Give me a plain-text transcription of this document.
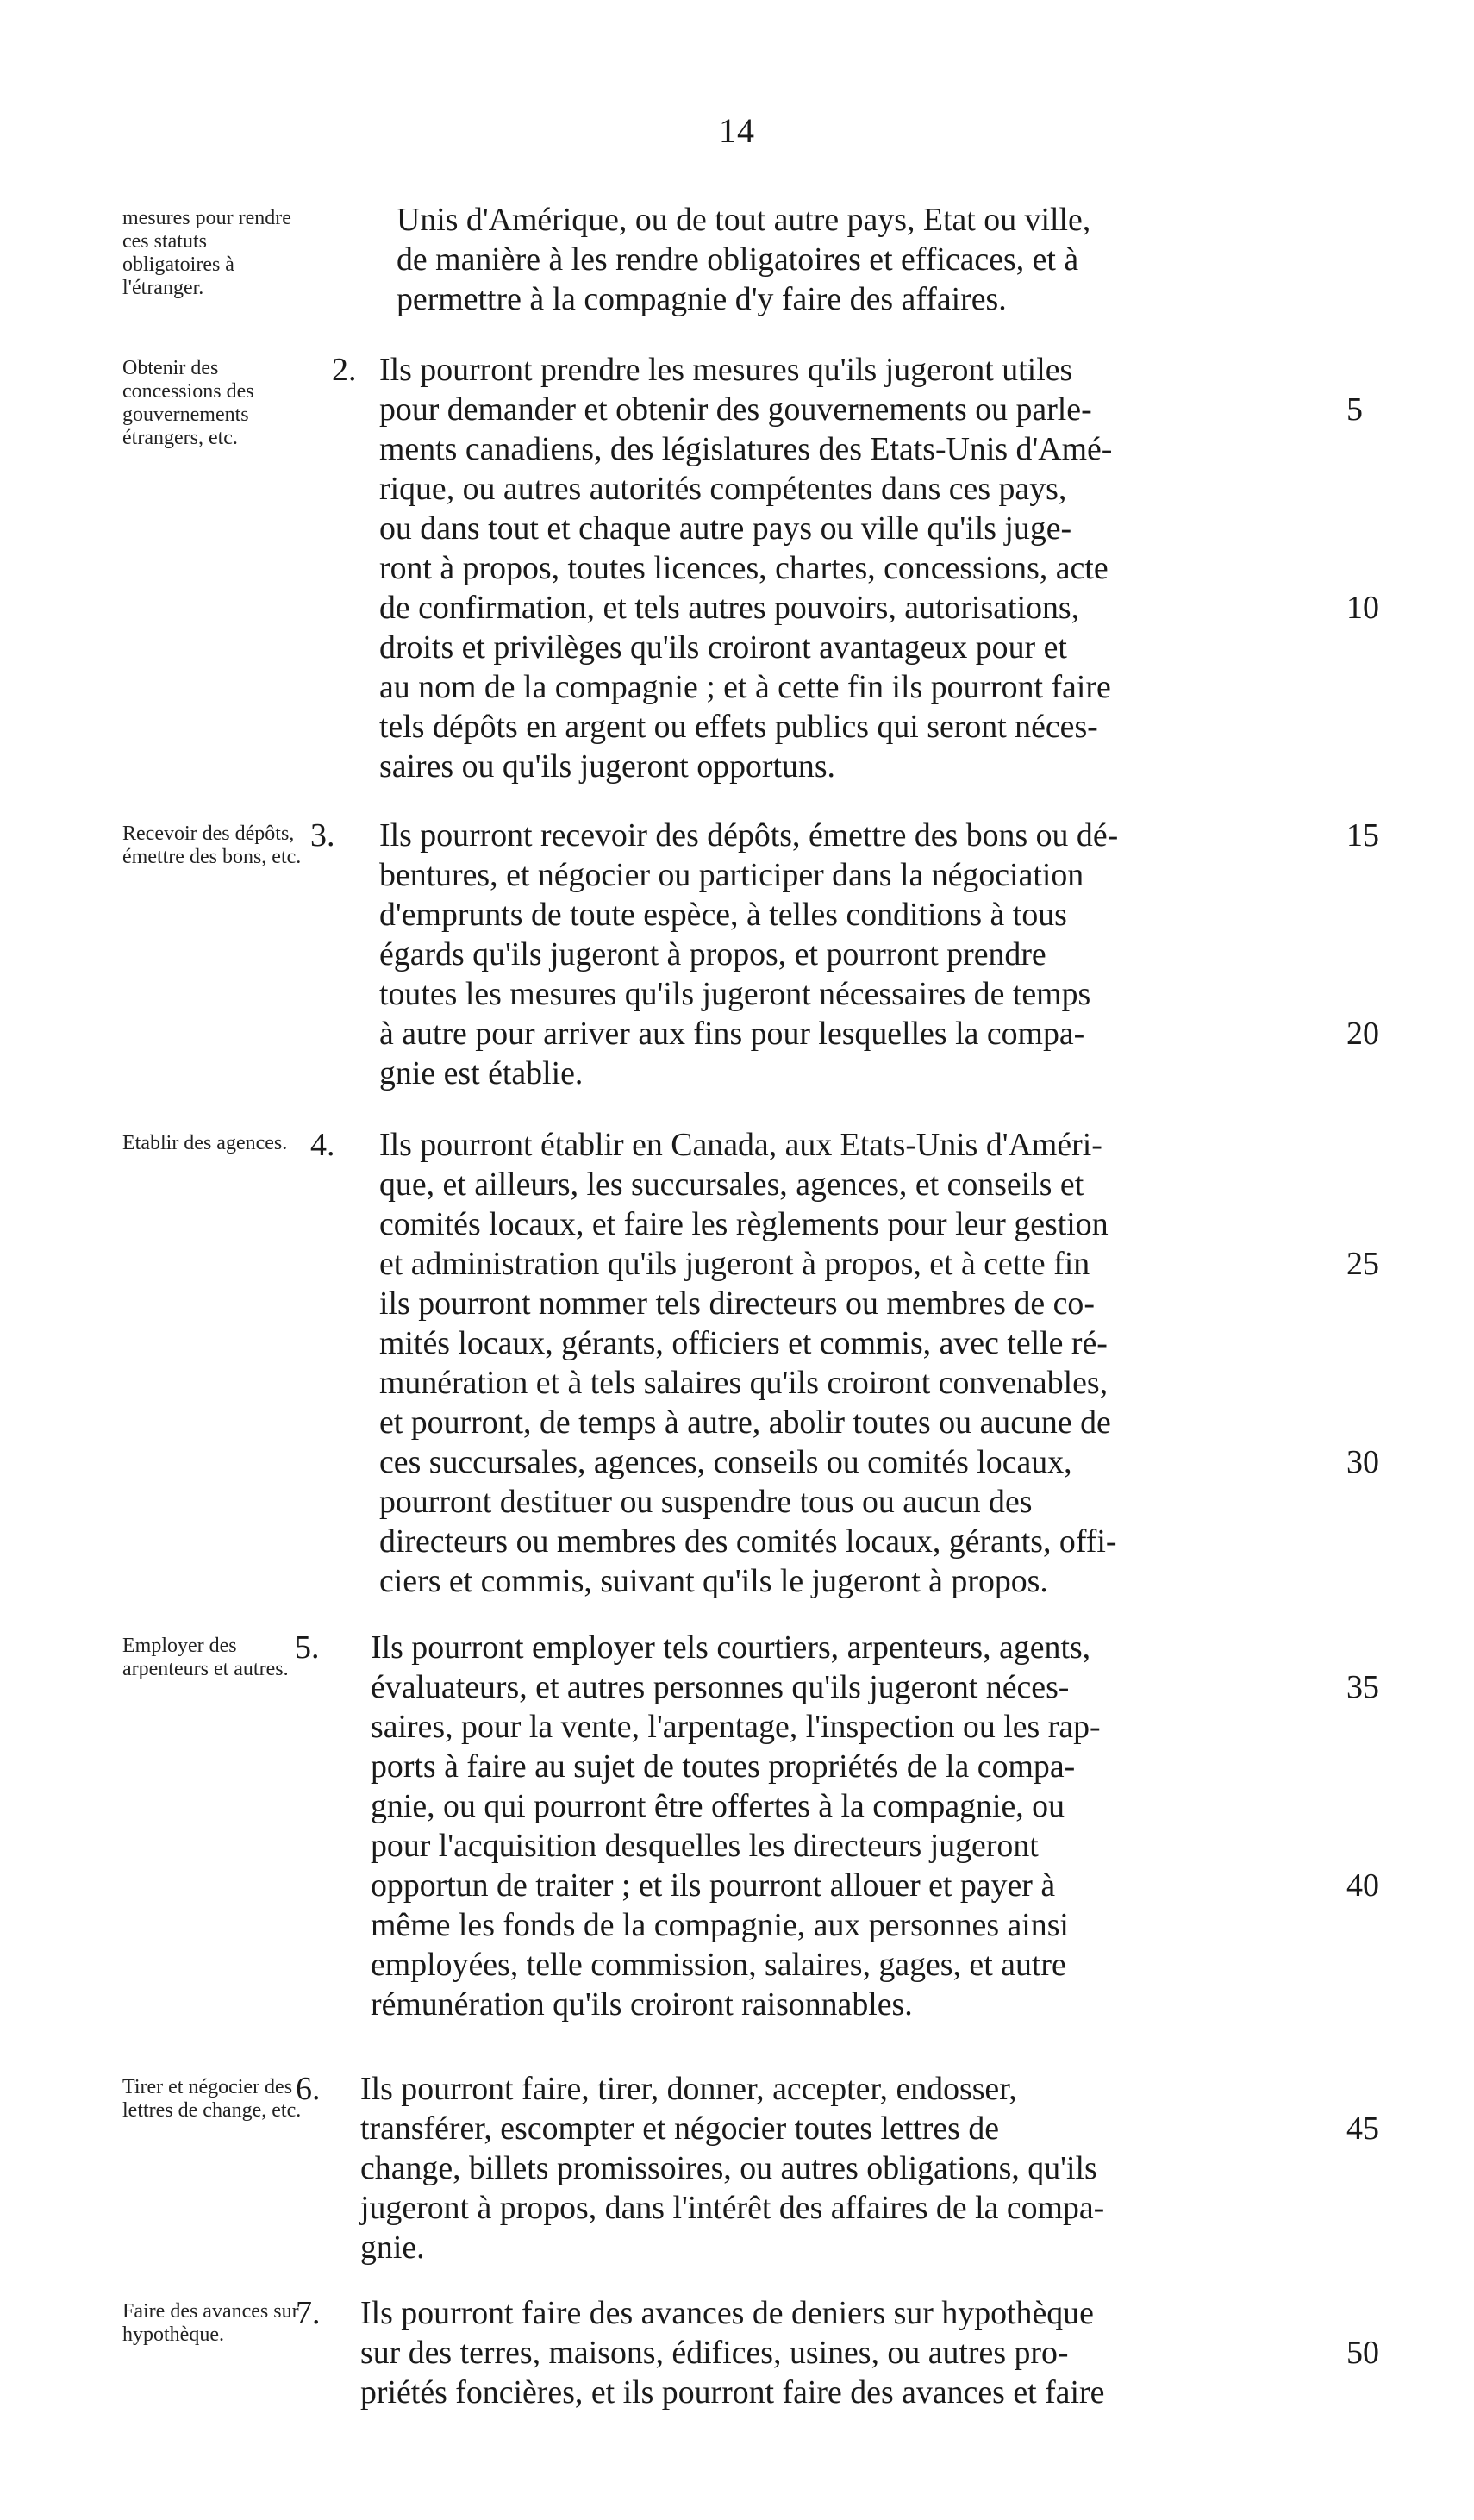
14
mesures pour rendre ces statuts obligatoires à l'étranger.
Unis d'Amérique, ou de tout autre pays, Etat ou ville,
de manière à les rendre obligatoires et efficaces, et à
permettre à la compagnie d'y faire des affaires.
Obtenir des concessions des gouvernements étrangers, etc.
2. Ils pourront prendre les mesures qu'ils jugeront utiles
pour demander et obtenir des gouvernements ou parle-
ments canadiens, des législatures des Etats-Unis d'Amé-
rique, ou autres autorités compétentes dans ces pays,
ou dans tout et chaque autre pays ou ville qu'ils juge-
ront à propos, toutes licences, chartes, concessions, acte
de confirmation, et tels autres pouvoirs, autorisations,
droits et privilèges qu'ils croiront avantageux pour et
au nom de la compagnie ; et à cette fin ils pourront faire
tels dépôts en argent ou effets publics qui seront néces-
saires ou qu'ils jugeront opportuns.
5
10
Recevoir des dépôts, émettre des bons, etc.
3. Ils pourront recevoir des dépôts, émettre des bons ou dé-
bentures, et négocier ou participer dans la négociation
d'emprunts de toute espèce, à telles conditions à tous
égards qu'ils jugeront à propos, et pourront prendre
toutes les mesures qu'ils jugeront nécessaires de temps
à autre pour arriver aux fins pour lesquelles la compa-
gnie est établie.
15
20
Etablir des agences. 4. Ils pourront établir en Canada, aux Etats-Unis d'Améri-
que, et ailleurs, les succursales, agences, et conseils et
comités locaux, et faire les règlements pour leur gestion
et administration qu'ils jugeront à propos, et à cette fin
ils pourront nommer tels directeurs ou membres de co-
mités locaux, gérants, officiers et commis, avec telle ré-
munération et à tels salaires qu'ils croiront convenables,
et pourront, de temps à autre, abolir toutes ou aucune de
ces succursales, agences, conseils ou comités locaux,
pourront destituer ou suspendre tous ou aucun des
directeurs ou membres des comités locaux, gérants, offi-
ciers et commis, suivant qu'ils le jugeront à propos.
25
30
Employer des arpenteurs et autres.
5. Ils pourront employer tels courtiers, arpenteurs, agents,
évaluateurs, et autres personnes qu'ils jugeront néces-
saires, pour la vente, l'arpentage, l'inspection ou les rap-
ports à faire au sujet de toutes propriétés de la compa-
gnie, ou qui pourront être offertes à la compagnie, ou
pour l'acquisition desquelles les directeurs jugeront
opportun de traiter ; et ils pourront allouer et payer à
même les fonds de la compagnie, aux personnes ainsi
employées, telle commission, salaires, gages, et autre
rémunération qu'ils croiront raisonnables.
35
40
Tirer et négocier des lettres de change, etc.
6. Ils pourront faire, tirer, donner, accepter, endosser,
transférer, escompter et négocier toutes lettres de
change, billets promissoires, ou autres obligations, qu'ils
jugeront à propos, dans l'intérêt des affaires de la compa-
gnie.
45
Faire des avances sur hypothèque.
7. Ils pourront faire des avances de deniers sur hypothèque
sur des terres, maisons, édifices, usines, ou autres pro-
priétés foncières, et ils pourront faire des avances et faire
50
